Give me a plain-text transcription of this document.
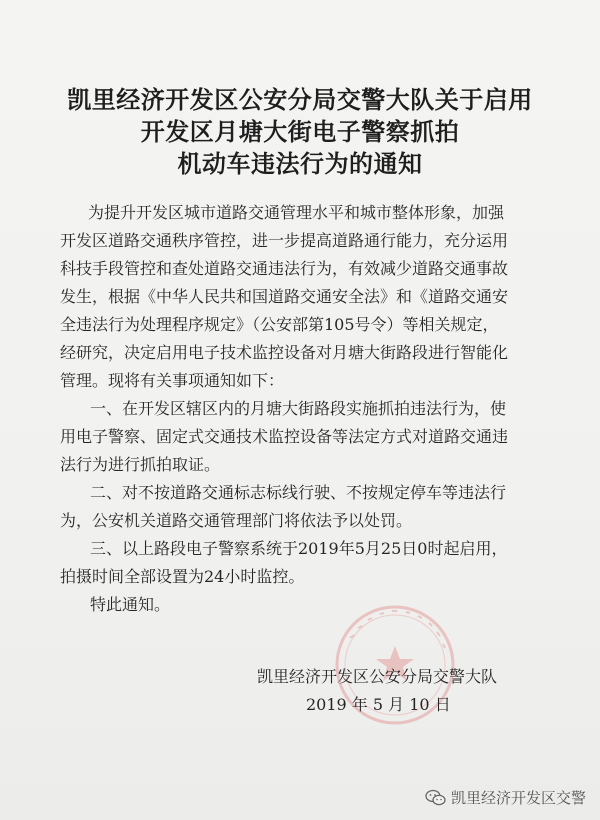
凯里经济开发区公安分局交警大队关于启用
开发区月塘大街电子警察抓拍
机动车违法行为的通知
为提升开发区城市道路交通管理水平和城市整体形象，加强
开发区道路交通秩序管控，进一步提高道路通行能力，充分运用
科技手段管控和查处道路交通违法行为，有效减少道路交通事故
发生，根据《中华人民共和国道路交通安全法》和《道路交通安
全违法行为处理程序规定》（公安部第105号令）等相关规定，
经研究，决定启用电子技术监控设备对月塘大街路段进行智能化
管理。现将有关事项通知如下：
一、在开发区辖区内的月塘大街路段实施抓拍违法行为，使
用电子警察、固定式交通技术监控设备等法定方式对道路交通违
法行为进行抓拍取证。
二、对不按道路交通标志标线行驶、不按规定停车等违法行
为，公安机关道路交通管理部门将依法予以处罚。
三、以上路段电子警察系统于2019年5月25日0时起启用，
拍摄时间全部设置为24小时监控。
特此通知。
凯里经济开发区公安分局交警大队
2019 年 5 月 10 日
凯里经济开发区交警
